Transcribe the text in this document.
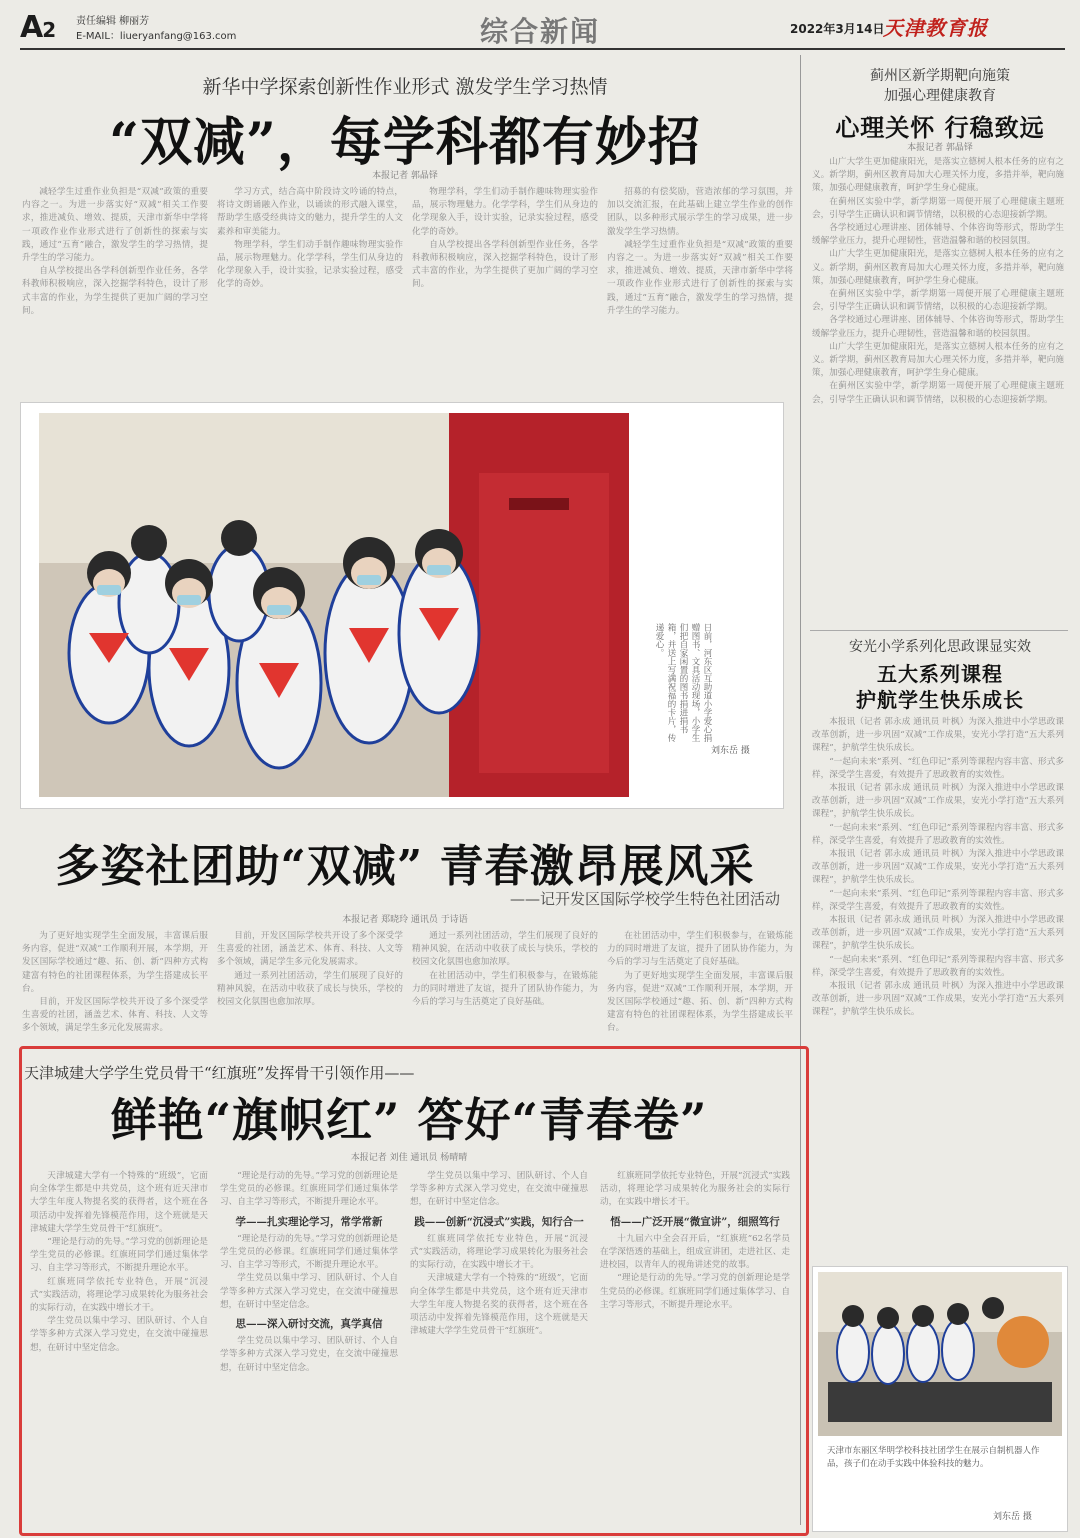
A2 责任编辑 柳丽芳
E-MAIL：liueryanfang@163.com	综合新闻	2022年3月14日
天津教育报
新华中学探索创新性作业形式 激发学生学习热情
“双减”，每学科都有妙招
本报记者 郭晶铎

减轻学生过重作业负担是“双减”政策的重要内容之一。为进一步落实好“双减”相关工作要求，推进减负、增效、提质，天津市新华中学将一项政作业作业形式进行了创新性的探索与实践，通过“五育”融合，激发学生的学习热情，提升学生的学习能力。

自从学校提出各学科创新型作业任务，各学科教师积极响应，深入挖掘学科特色，设计了形式丰富的作业，为学生提供了更加广阔的学习空间。

学习方式，结合高中阶段诗文吟诵的特点，将诗文朗诵融入作业，以诵读的形式融入课堂，帮助学生感受经典诗文的魅力，提升学生的人文素养和审美能力。

物理学科，学生们动手制作趣味物理实验作品，展示物理魅力。化学学科，学生们从身边的化学现象入手，设计实验，记录实验过程，感受化学的奇妙。

物理学科，学生们动手制作趣味物理实验作品，展示物理魅力。化学学科，学生们从身边的化学现象入手，设计实验，记录实验过程，感受化学的奇妙。

自从学校提出各学科创新型作业任务，各学科教师积极响应，深入挖掘学科特色，设计了形式丰富的作业，为学生提供了更加广阔的学习空间。

招募的有偿奖励，营造浓郁的学习氛围，并加以交流汇报，在此基础上建立学生作业的创作团队，以多种形式展示学生的学习成果，进一步激发学生学习热情。

减轻学生过重作业负担是“双减”政策的重要内容之一。为进一步落实好“双减”相关工作要求，推进减负、增效、提质，天津市新华中学将一项政作业作业形式进行了创新性的探索与实践，通过“五育”融合，激发学生的学习热情，提升学生的学习能力。

日前，河东区互助道小学爱心捐赠图书、文具活动现场，小学生们把自家闲置的图书捐进捐书箱，并送上写满祝福的卡片，传递爱心。
刘东岳 摄
多姿社团助“双减” 青春激昂展风采
——记开发区国际学校学生特色社团活动
本报记者 郑晓玲 通讯员 于诗语

为了更好地实现学生全面发展，丰富课后服务内容，促进“双减”工作顺利开展，本学期，开发区国际学校通过“趣、拓、创、新”四种方式构建富有特色的社团课程体系，为学生搭建成长平台。

目前，开发区国际学校共开设了多个深受学生喜爱的社团，涵盖艺术、体育、科技、人文等多个领域，满足学生多元化发展需求。

目前，开发区国际学校共开设了多个深受学生喜爱的社团，涵盖艺术、体育、科技、人文等多个领域，满足学生多元化发展需求。

通过一系列社团活动，学生们展现了良好的精神风貌，在活动中收获了成长与快乐，学校的校园文化氛围也愈加浓厚。

通过一系列社团活动，学生们展现了良好的精神风貌，在活动中收获了成长与快乐，学校的校园文化氛围也愈加浓厚。

在社团活动中，学生们积极参与，在锻炼能力的同时增进了友谊，提升了团队协作能力，为今后的学习与生活奠定了良好基础。

在社团活动中，学生们积极参与，在锻炼能力的同时增进了友谊，提升了团队协作能力，为今后的学习与生活奠定了良好基础。

为了更好地实现学生全面发展，丰富课后服务内容，促进“双减”工作顺利开展，本学期，开发区国际学校通过“趣、拓、创、新”四种方式构建富有特色的社团课程体系，为学生搭建成长平台。

天津城建大学学生党员骨干“红旗班”发挥骨干引领作用——
鲜艳“旗帜红” 答好“青春卷”
本报记者 刘佳 通讯员 杨晴晴

天津城建大学有一个特殊的“班级”，它面向全体学生都是中共党员，这个班有近天津市大学生年度人物提名奖的获得者，这个班在各项活动中发挥着先锋模范作用，这个班就是天津城建大学学生党员骨干“红旗班”。

“理论是行动的先导。”学习党的创新理论是学生党员的必修课。红旗班同学们通过集体学习、自主学习等形式，不断提升理论水平。

红旗班同学依托专业特色，开展“沉浸式”实践活动，将理论学习成果转化为服务社会的实际行动，在实践中增长才干。

学生党员以集中学习、团队研讨、个人自学等多种方式深入学习党史，在交流中碰撞思想，在研讨中坚定信念。

“理论是行动的先导。”学习党的创新理论是学生党员的必修课。红旗班同学们通过集体学习、自主学习等形式，不断提升理论水平。

学——扎实理论学习，常学常新

“理论是行动的先导。”学习党的创新理论是学生党员的必修课。红旗班同学们通过集体学习、自主学习等形式，不断提升理论水平。

学生党员以集中学习、团队研讨、个人自学等多种方式深入学习党史，在交流中碰撞思想，在研讨中坚定信念。

思——深入研讨交流，真学真信

学生党员以集中学习、团队研讨、个人自学等多种方式深入学习党史，在交流中碰撞思想，在研讨中坚定信念。

学生党员以集中学习、团队研讨、个人自学等多种方式深入学习党史，在交流中碰撞思想，在研讨中坚定信念。

践——创新“沉浸式”实践，知行合一

红旗班同学依托专业特色，开展“沉浸式”实践活动，将理论学习成果转化为服务社会的实际行动，在实践中增长才干。

天津城建大学有一个特殊的“班级”，它面向全体学生都是中共党员，这个班有近天津市大学生年度人物提名奖的获得者，这个班在各项活动中发挥着先锋模范作用，这个班就是天津城建大学学生党员骨干“红旗班”。

红旗班同学依托专业特色，开展“沉浸式”实践活动，将理论学习成果转化为服务社会的实际行动，在实践中增长才干。

悟——广泛开展“微宣讲”，细照笃行

十九届六中全会召开后，“红旗班”62名学员在学深悟透的基础上，组成宣讲团，走进社区、走进校园，以青年人的视角讲述党的故事。

“理论是行动的先导。”学习党的创新理论是学生党员的必修课。红旗班同学们通过集体学习、自主学习等形式，不断提升理论水平。

蓟州区新学期靶向施策
加强心理健康教育
心理关怀 行稳致远
本报记者 郭晶铎

山广大学生更加健康阳光，是落实立德树人根本任务的应有之义。新学期，蓟州区教育局加大心理关怀力度，多措并举，靶向施策，加强心理健康教育，呵护学生身心健康。

在蓟州区实验中学，新学期第一周便开展了心理健康主题班会，引导学生正确认识和调节情绪，以积极的心态迎接新学期。

各学校通过心理讲座、团体辅导、个体咨询等形式，帮助学生缓解学业压力，提升心理韧性，营造温馨和谐的校园氛围。

山广大学生更加健康阳光，是落实立德树人根本任务的应有之义。新学期，蓟州区教育局加大心理关怀力度，多措并举，靶向施策，加强心理健康教育，呵护学生身心健康。

在蓟州区实验中学，新学期第一周便开展了心理健康主题班会，引导学生正确认识和调节情绪，以积极的心态迎接新学期。

各学校通过心理讲座、团体辅导、个体咨询等形式，帮助学生缓解学业压力，提升心理韧性，营造温馨和谐的校园氛围。

山广大学生更加健康阳光，是落实立德树人根本任务的应有之义。新学期，蓟州区教育局加大心理关怀力度，多措并举，靶向施策，加强心理健康教育，呵护学生身心健康。

在蓟州区实验中学，新学期第一周便开展了心理健康主题班会，引导学生正确认识和调节情绪，以积极的心态迎接新学期。

安光小学系列化思政课显实效
五大系列课程
护航学生快乐成长

本报讯（记者 郭永成 通讯员 叶枫）为深入推进中小学思政课改革创新，进一步巩固“双减”工作成果，安光小学打造“五大系列课程”，护航学生快乐成长。

“一起向未来”系列、“红色印记”系列等课程内容丰富、形式多样，深受学生喜爱，有效提升了思政教育的实效性。

本报讯（记者 郭永成 通讯员 叶枫）为深入推进中小学思政课改革创新，进一步巩固“双减”工作成果，安光小学打造“五大系列课程”，护航学生快乐成长。

“一起向未来”系列、“红色印记”系列等课程内容丰富、形式多样，深受学生喜爱，有效提升了思政教育的实效性。

本报讯（记者 郭永成 通讯员 叶枫）为深入推进中小学思政课改革创新，进一步巩固“双减”工作成果，安光小学打造“五大系列课程”，护航学生快乐成长。

“一起向未来”系列、“红色印记”系列等课程内容丰富、形式多样，深受学生喜爱，有效提升了思政教育的实效性。

本报讯（记者 郭永成 通讯员 叶枫）为深入推进中小学思政课改革创新，进一步巩固“双减”工作成果，安光小学打造“五大系列课程”，护航学生快乐成长。

“一起向未来”系列、“红色印记”系列等课程内容丰富、形式多样，深受学生喜爱，有效提升了思政教育的实效性。

本报讯（记者 郭永成 通讯员 叶枫）为深入推进中小学思政课改革创新，进一步巩固“双减”工作成果，安光小学打造“五大系列课程”，护航学生快乐成长。

天津市东丽区华明学校科技社团学生在展示自制机器人作品，孩子们在动手实践中体验科技的魅力。
刘东岳 摄
